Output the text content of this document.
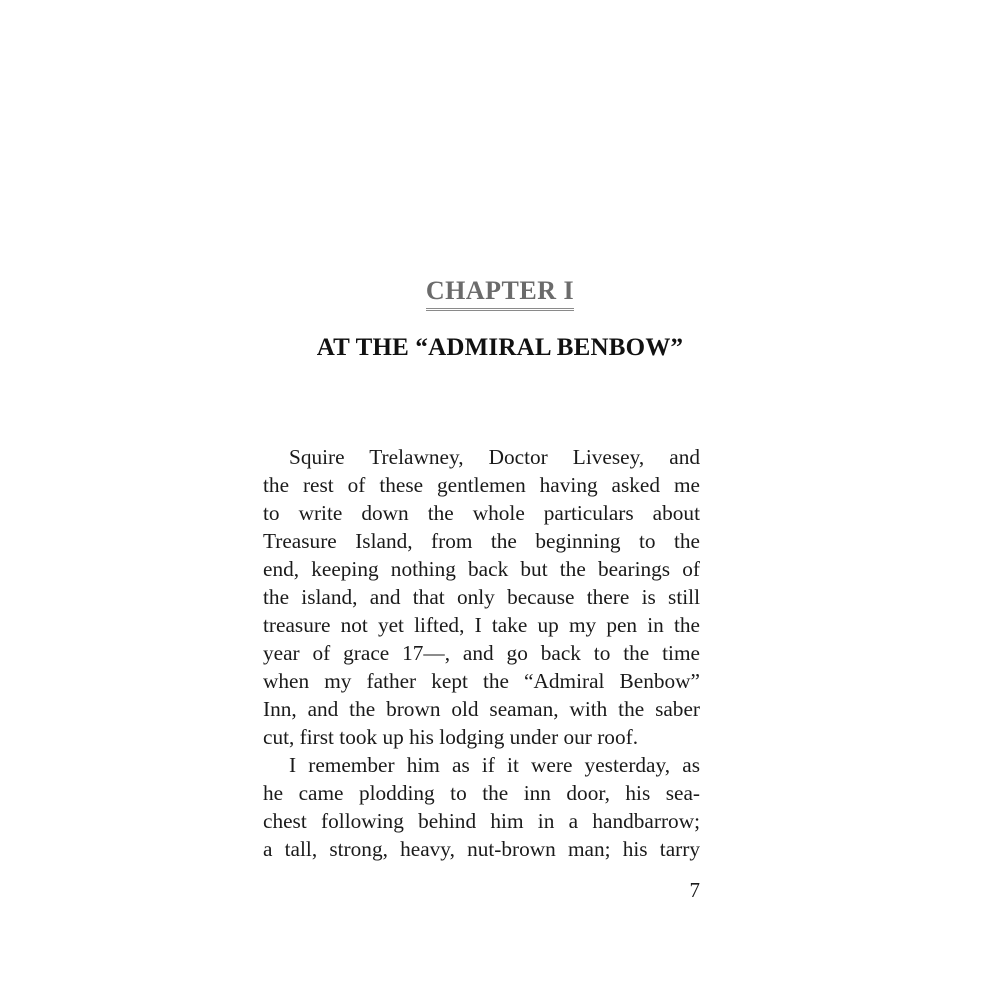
CHAPTER I
AT THE “ADMIRAL BENBOW”

Squire Trelawney, Doctor Livesey, and
the rest of these gentlemen having asked me
to write down the whole particulars about
Treasure Island, from the beginning to the
end, keeping nothing back but the bearings of
the island, and that only because there is still
treasure not yet lifted, I take up my pen in the
year of grace 17—, and go back to the time
when my father kept the “Admiral Benbow”
Inn, and the brown old seaman, with the saber
cut, first took up his lodging under our roof.

I remember him as if it were yesterday, as
he came plodding to the inn door, his sea-
chest following behind him in a handbarrow;
a tall, strong, heavy, nut-brown man; his tarry

7
